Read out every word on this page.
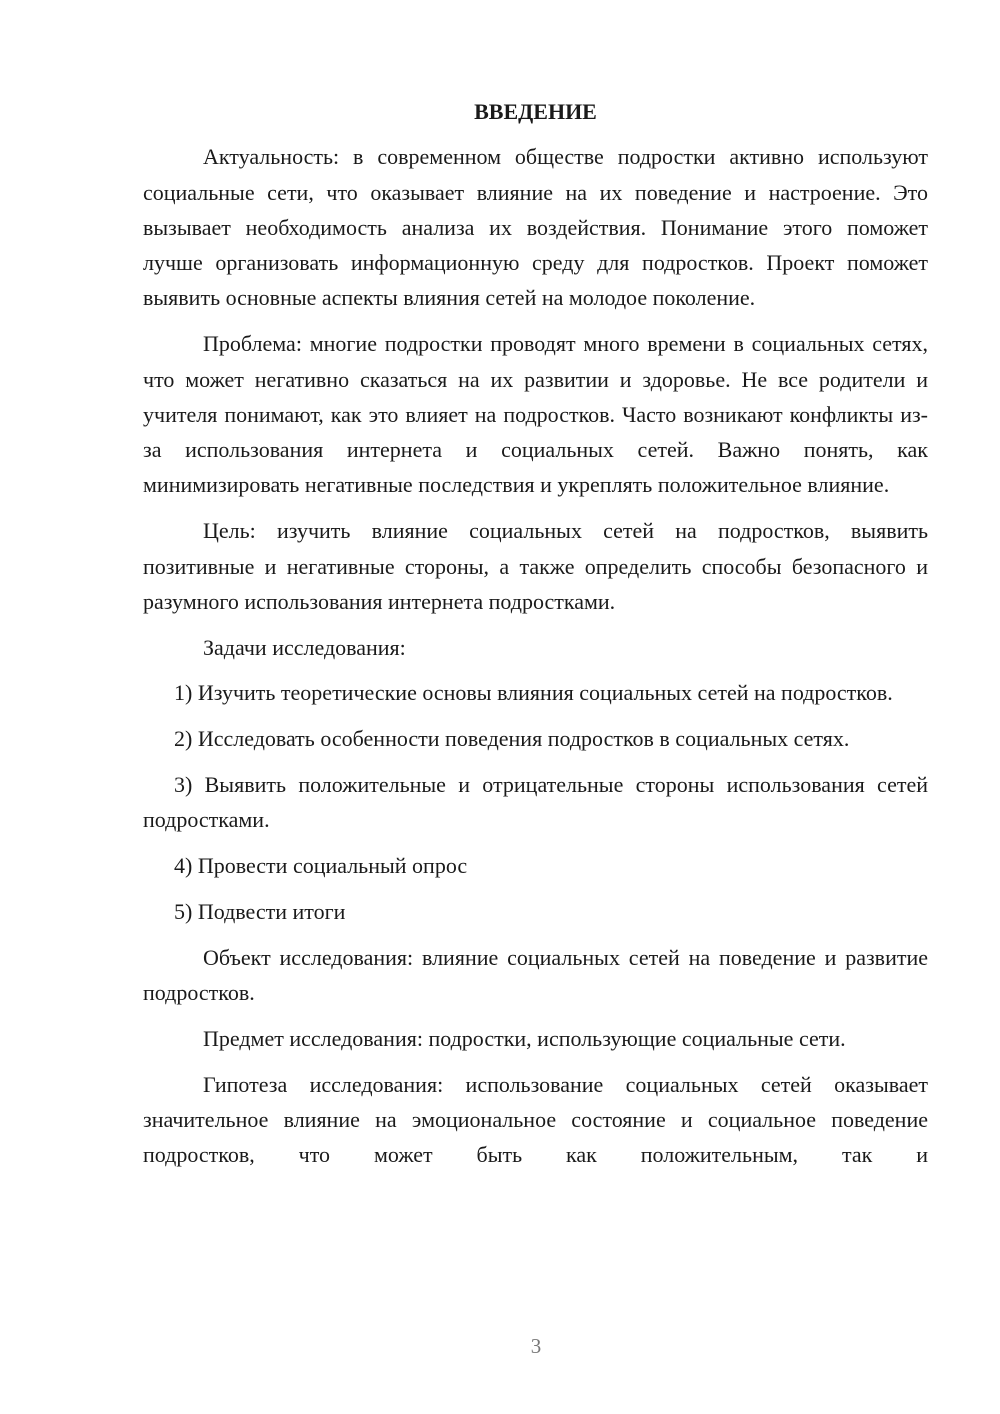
ВВЕДЕНИЕ

Актуальность: в современном обществе подростки активно используют социальные сети, что оказывает влияние на их поведение и настроение. Это вызывает необходимость анализа их воздействия. Понимание этого поможет лучше организовать информационную среду для подростков. Проект поможет выявить основные аспекты влияния сетей на молодое поколение.

Проблема: многие подростки проводят много времени в социальных сетях, что может негативно сказаться на их развитии и здоровье. Не все родители и учителя понимают, как это влияет на подростков. Часто возникают конфликты из-за использования интернета и социальных сетей. Важно понять, как минимизировать негативные последствия и укреплять положительное влияние.

Цель: изучить влияние социальных сетей на подростков, выявить позитивные и негативные стороны, а также определить способы безопасного и разумного использования интернета подростками.

Задачи исследования:

1) Изучить теоретические основы влияния социальных сетей на подростков.

2) Исследовать особенности поведения подростков в социальных сетях.

3) Выявить положительные и отрицательные стороны использования сетей подростками.

4) Провести социальный опрос

5) Подвести итоги

Объект исследования: влияние социальных сетей на поведение и развитие подростков.

Предмет исследования: подростки, использующие социальные сети.

Гипотеза исследования: использование социальных сетей оказывает значительное влияние на эмоциональное состояние и социальное поведение подростков, что может быть как положительным, так и

3
